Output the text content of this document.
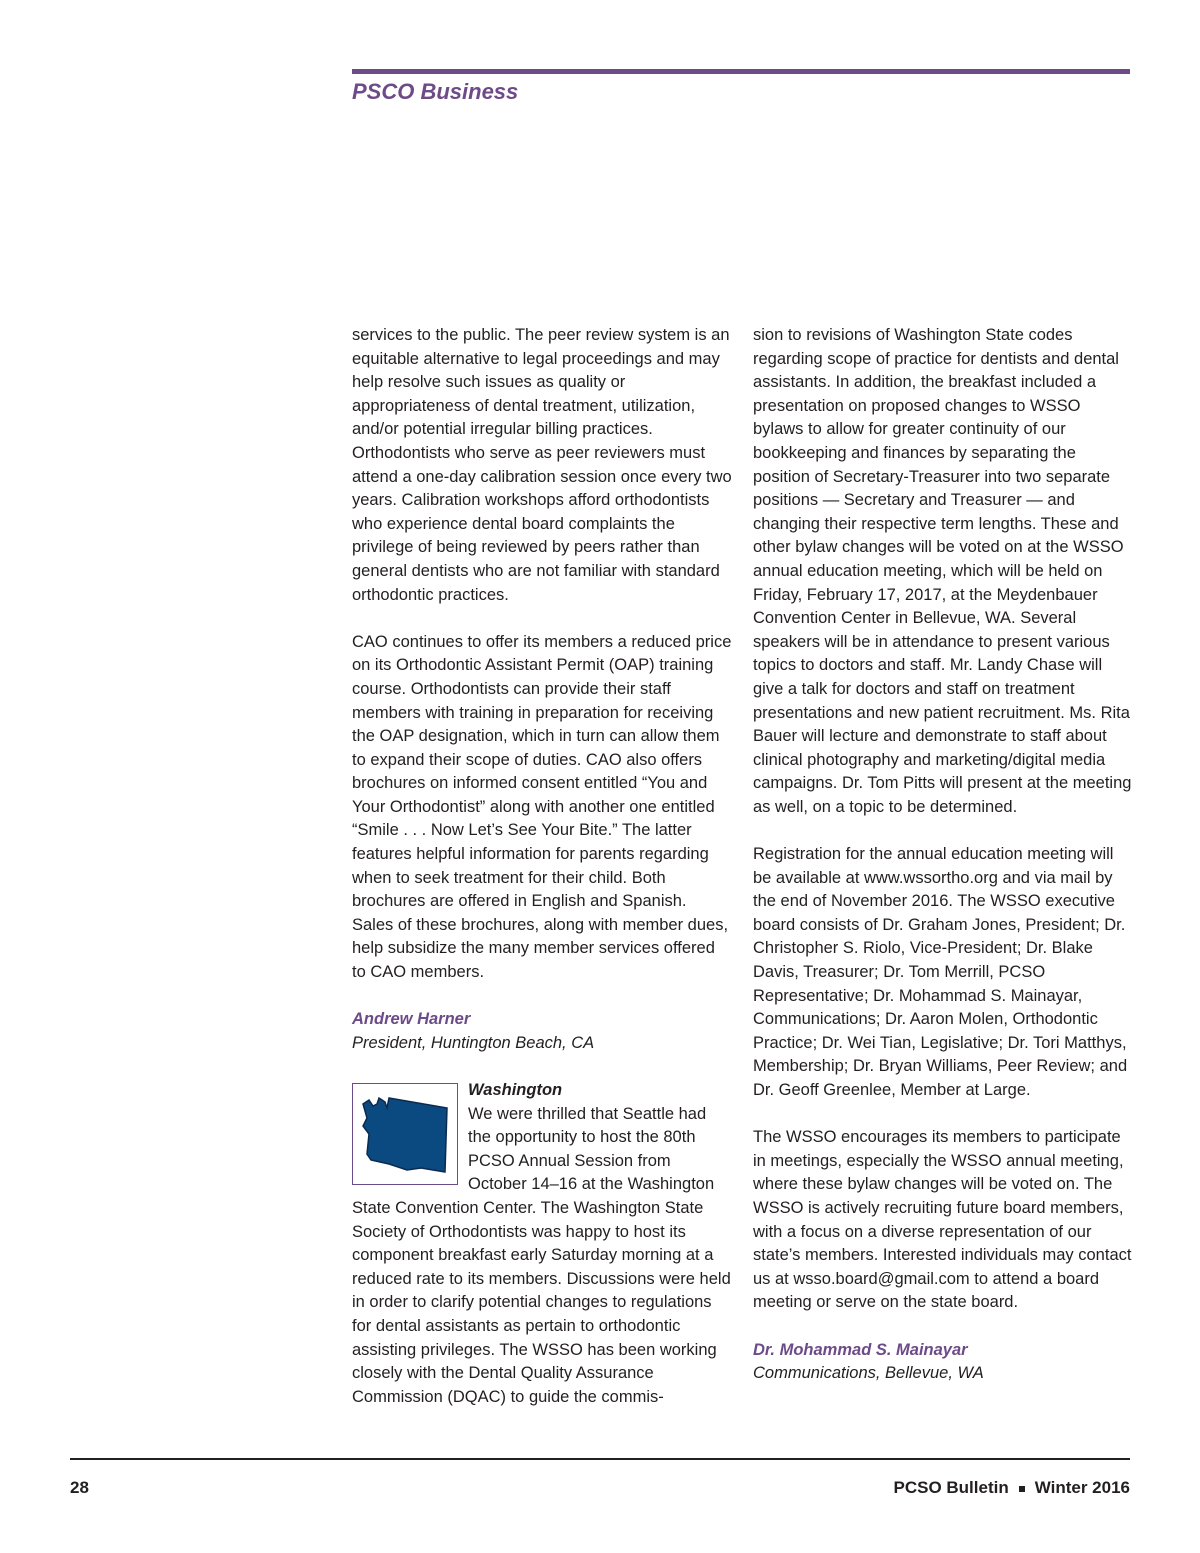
PSCO Business

services to the public. The peer review system is an equitable alternative to legal proceedings and may help resolve such issues as quality or appropriateness of dental treatment, utilization, and/or potential irregular billing practices. Orthodontists who serve as peer reviewers must attend a one-day calibration session once every two years. Calibration workshops afford orthodontists who experience dental board complaints the privilege of being reviewed by peers rather than general dentists who are not familiar with standard orthodontic practices.

CAO continues to offer its members a reduced price on its Orthodontic Assistant Permit (OAP) training course. Orthodontists can provide their staff members with training in preparation for receiving the OAP designation, which in turn can allow them to expand their scope of duties. CAO also offers brochures on informed consent entitled “You and Your Orthodontist” along with another one entitled “Smile . . . Now Let’s See Your Bite.” The latter features helpful information for parents regarding when to seek treatment for their child. Both brochures are offered in English and Spanish. Sales of these brochures, along with member dues, help subsidize the many member services offered to CAO members.

Andrew Harner
President, Huntington Beach, CA
Washington
We were thrilled that Seattle had the opportunity to host the 80th PCSO Annual Session from October 14–16 at the Washington State Convention Center. The Washington State Society of Orthodontists was happy to host its component breakfast early Saturday morning at a reduced rate to its members. Discussions were held in order to clarify potential changes to regulations for dental assistants as pertain to orthodontic assisting privileges. The WSSO has been working closely with the Dental Quality Assurance Commission (DQAC) to guide the commis-

sion to revisions of Washington State codes regarding scope of practice for dentists and dental assistants. In addition, the breakfast included a presentation on proposed changes to WSSO bylaws to allow for greater continuity of our bookkeeping and finances by separating the position of Secretary-Treasurer into two separate positions — Secretary and Treasurer — and changing their respective term lengths. These and other bylaw changes will be voted on at the WSSO annual education meeting, which will be held on Friday, February 17, 2017, at the Meydenbauer Convention Center in Bellevue, WA. Several speakers will be in attendance to present various topics to doctors and staff. Mr. Landy Chase will give a talk for doctors and staff on treatment presentations and new patient recruitment. Ms. Rita Bauer will lecture and demonstrate to staff about clinical photography and marketing/digital media campaigns. Dr. Tom Pitts will present at the meeting as well, on a topic to be determined.

Registration for the annual education meeting will be available at www.wssortho.org and via mail by the end of November 2016. The WSSO executive board consists of Dr. Graham Jones, President; Dr. Christopher S. Riolo, Vice-President; Dr. Blake Davis, Treasurer; Dr. Tom Merrill, PCSO Representative; Dr. Mohammad S. Mainayar, Communications; Dr. Aaron Molen, Orthodontic Practice; Dr. Wei Tian, Legislative; Dr. Tori Matthys, Membership; Dr. Bryan Williams, Peer Review; and Dr. Geoff Greenlee, Member at Large.

The WSSO encourages its members to participate in meetings, especially the WSSO annual meeting, where these bylaw changes will be voted on. The WSSO is actively recruiting future board members, with a focus on a diverse representation of our state’s members. Interested individuals may contact us at wsso.board@gmail.com to attend a board meeting or serve on the state board.

Dr. Mohammad S. Mainayar
Communications, Bellevue, WA
28	PCSO Bulletin Winter 2016
